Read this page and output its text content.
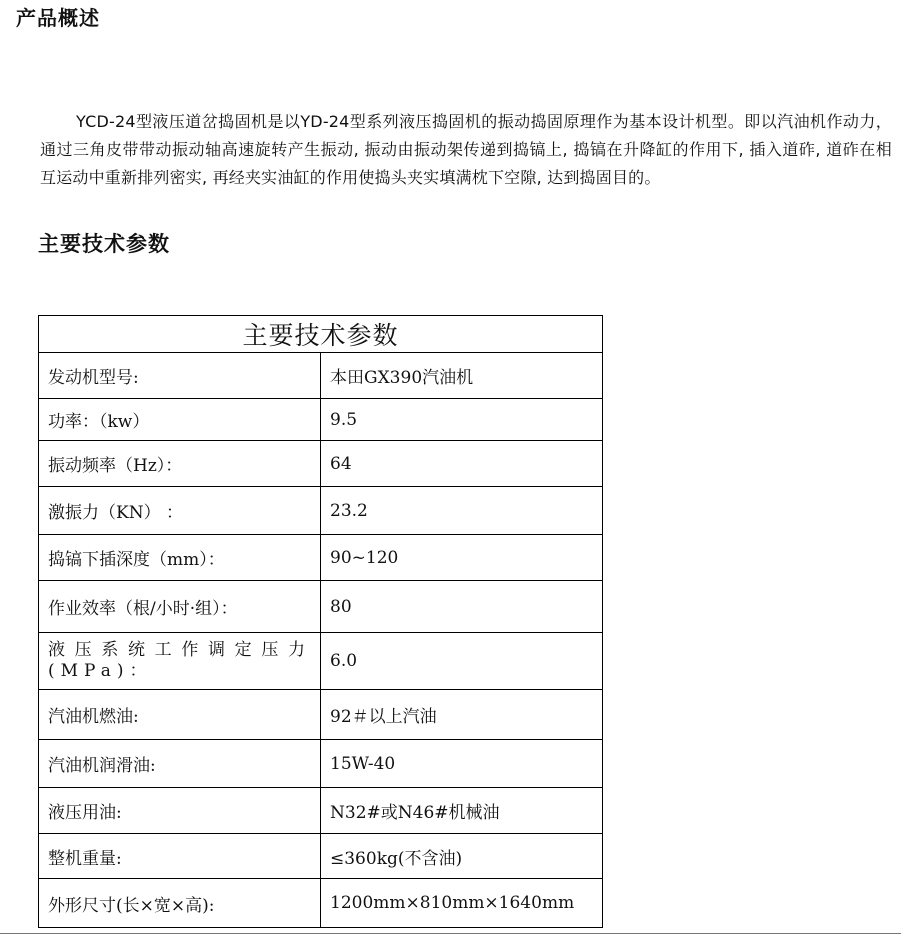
产品概述

YCD-24型液压道岔捣固机是以YD-24型系列液压捣固机的振动捣固原理作为基本设计机型。即以汽油机作动力，通过三角皮带带动振动轴高速旋转产生振动, 振动由振动架传递到捣镐上, 捣镐在升降缸的作用下, 插入道砟, 道砟在相互运动中重新排列密实, 再经夹实油缸的作用使捣头夹实填满枕下空隙, 达到捣固目的。

主要技术参数
主要技术参数	
发动机型号:	本田GX390汽油机
功率：（kw）	9.5
振动频率（Hz）：	64
激振力（KN） ：	23.2
捣镐下插深度（mm）：	90~120
作业效率（根/小时·组）：	80
液压系统工作调定压力(MPa)：	6.0
汽油机燃油:	92＃以上汽油
汽油机润滑油:	15W-40
液压用油:	N32#或N46#机械油
整机重量:	≤360kg(不含油)
外形尺寸(长×宽×高):	1200mm×810mm×1640mm
